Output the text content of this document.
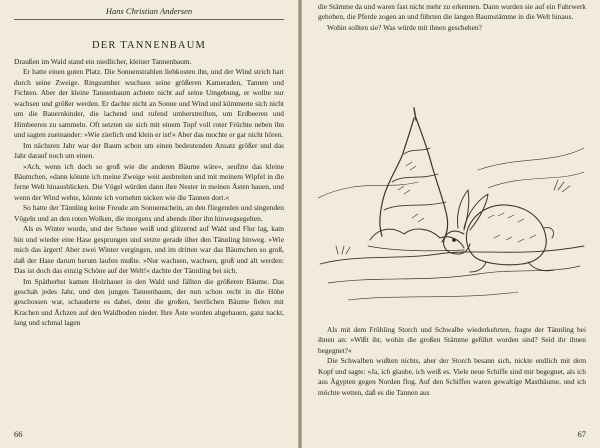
Hans Christian Andersen
DER TANNENBAUM

Draußen im Wald stand ein niedlicher, kleiner Tannenbaum.

Er hatte einen guten Platz. Die Sonnenstrahlen liebkosten ihn, und der Wind strich hart durch seine Zweige. Ringsumher wuchsen seine größeren Kameraden, Tannen und Fichten. Aber der kleine Tannenbaum achtete nicht auf seine Umgebung, er wollte nur wachsen und größer werden. Er dachte nicht an Sonne und Wind und kümmerte sich nicht um die Bauernkinder, die lachend und rufend umherstreiften, um Erdbeeren und Himbeeren zu sammeln. Oft setzten sie sich mit einem Topf voll roter Früchte neben ihn und sagten zueinander: »Wie zierlich und klein er ist!« Aber das mochte er gar nicht hören.

Im nächsten Jahr war der Baum schon um einen bedeutenden Ansatz größer und das Jahr darauf noch um einen.

»Ach, wenn ich doch so groß wie die anderen Bäume wäre«, seufzte das kleine Bäumchen, »dann könnte ich meine Zweige weit ausbreiten und mit meinem Wipfel in die ferne Welt hinausblicken. Die Vögel würden dann ihre Nester in meinen Ästen bauen, und wenn der Wind wehte, könnte ich vornehm nicken wie die Tannen dort.«

So hatte der Tännling keine Freude am Sonnenschein, an den fliegenden und singenden Vögeln und an den roten Wolken, die morgens und abends über ihn hinwegsegelten.

Als es Winter wurde, und der Schnee weiß und glitzernd auf Wald und Flur lag, kam hin und wieder eine Hase gesprungen und setzte gerade über den Tännling hinweg. »Wie mich das ärgert! Aber zwei Winter vergingen, und im dritten war das Bäumchen so groß, daß der Hase darum herum laufen mußte. »Nur wachsen, wachsen, groß und alt werden: Das ist doch das einzig Schöne auf der Welt!« dachte der Tännling bei sich.

Im Spätherbst kamen Holzhauer in den Wald und fällten die größeren Bäume. Das geschah jedes Jahr, und den jungen Tannenbaum, der nun schon recht in die Höhe geschossen war, schauderte es dabei, denn die großen, herrlichen Bäume fielen mit Krachen und Ächzen auf den Waldboden nieder. Ihre Äste wurden abgehauen, ganz nackt, lang und schmal lagen

66

die Stämme da und waren fast nicht mehr zu erkennen. Dann wurden sie auf ein Fuhrwerk gehoben, die Pferde zogen an und führten die langen Baumstämme in die Welt hinaus.

Wohin sollten sie? Was würde mit ihnen geschehen?

Als mit dem Frühling Storch und Schwalbe wiederkehrten, fragte der Tännling bei ihnen an: »Wißt ihr, wohin die großen Stämme geführt worden sind? Seid ihr ihnen begegnet?«

Die Schwalben wußten nichts, aber der Storch besann sich, nickte endlich mit dem Kopf und sagte: »Ja, ich glaube, ich weiß es. Viele neue Schiffe sind mir begegnet, als ich aus Ägypten gegen Norden flog. Auf den Schiffen waren gewaltige Mastbäume, und ich möchte wetten, daß es die Tannen aus

67
